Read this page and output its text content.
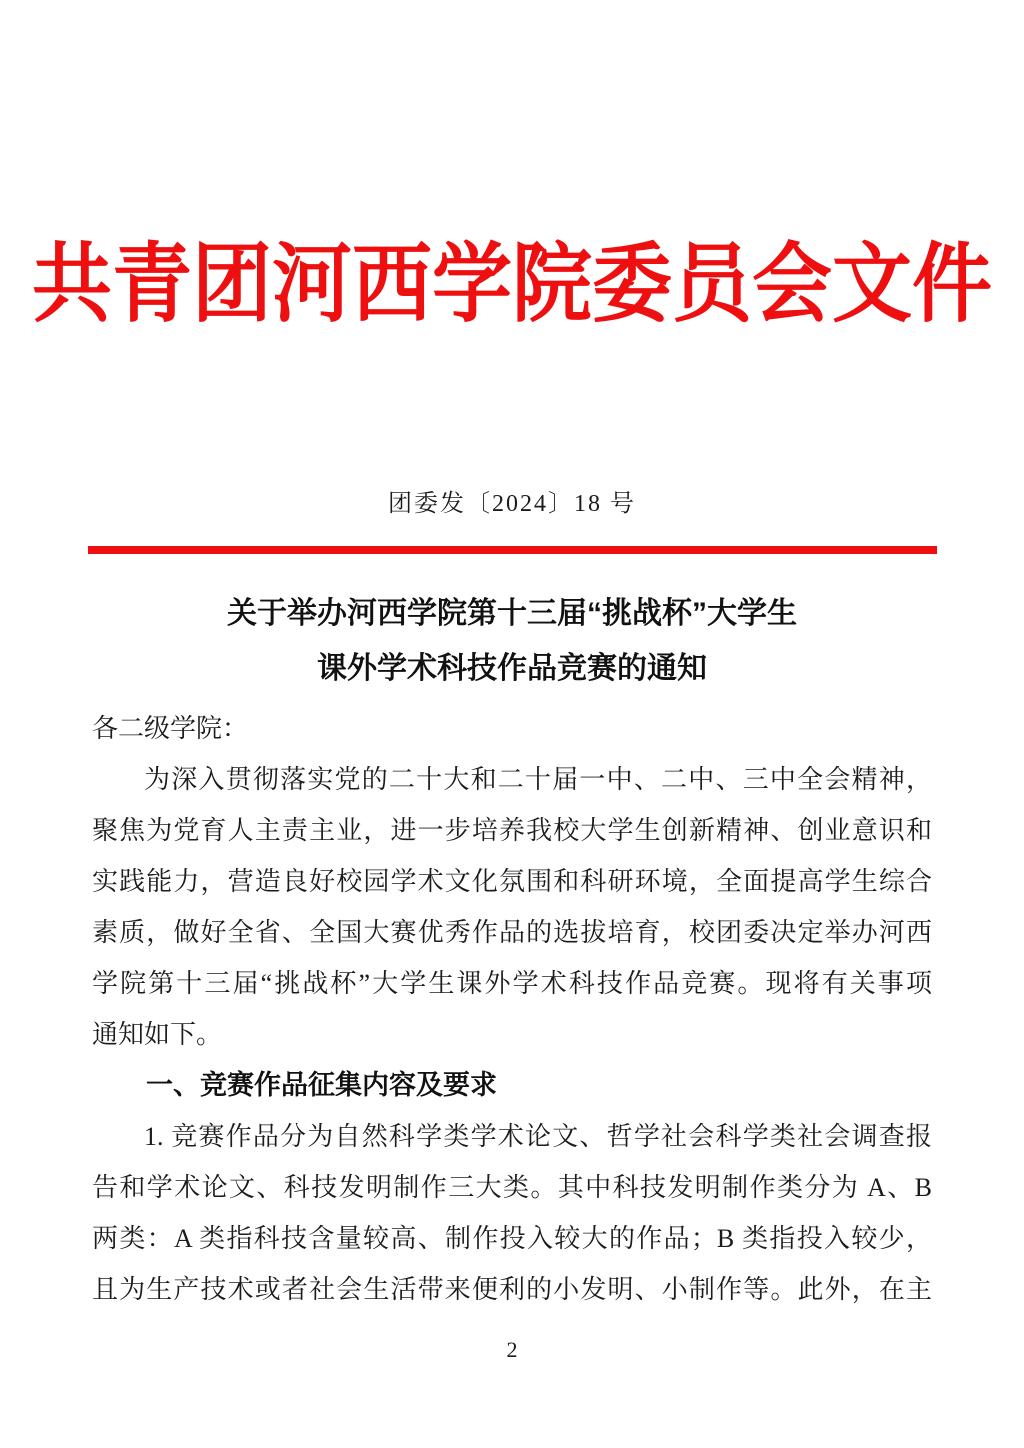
共青团河西学院委员会文件
团委发〔2024〕18 号
关于举办河西学院第十三届“挑战杯”大学生
课外学术科技作品竞赛的通知
各二级学院：
为深入贯彻落实党的二十大和二十届一中、二中、三中全会精神，
聚焦为党育人主责主业，进一步培养我校大学生创新精神、创业意识和
实践能力，营造良好校园学术文化氛围和科研环境，全面提高学生综合
素质，做好全省、全国大赛优秀作品的选拔培育，校团委决定举办河西
学院第十三届“挑战杯”大学生课外学术科技作品竞赛。现将有关事项
通知如下。
一、竞赛作品征集内容及要求
1. 竞赛作品分为自然科学类学术论文、哲学社会科学类社会调查报
告和学术论文、科技发明制作三大类。其中科技发明制作类分为 A、B
两类：A 类指科技含量较高、制作投入较大的作品；B 类指投入较少，
且为生产技术或者社会生活带来便利的小发明、小制作等。此外，在主
2
